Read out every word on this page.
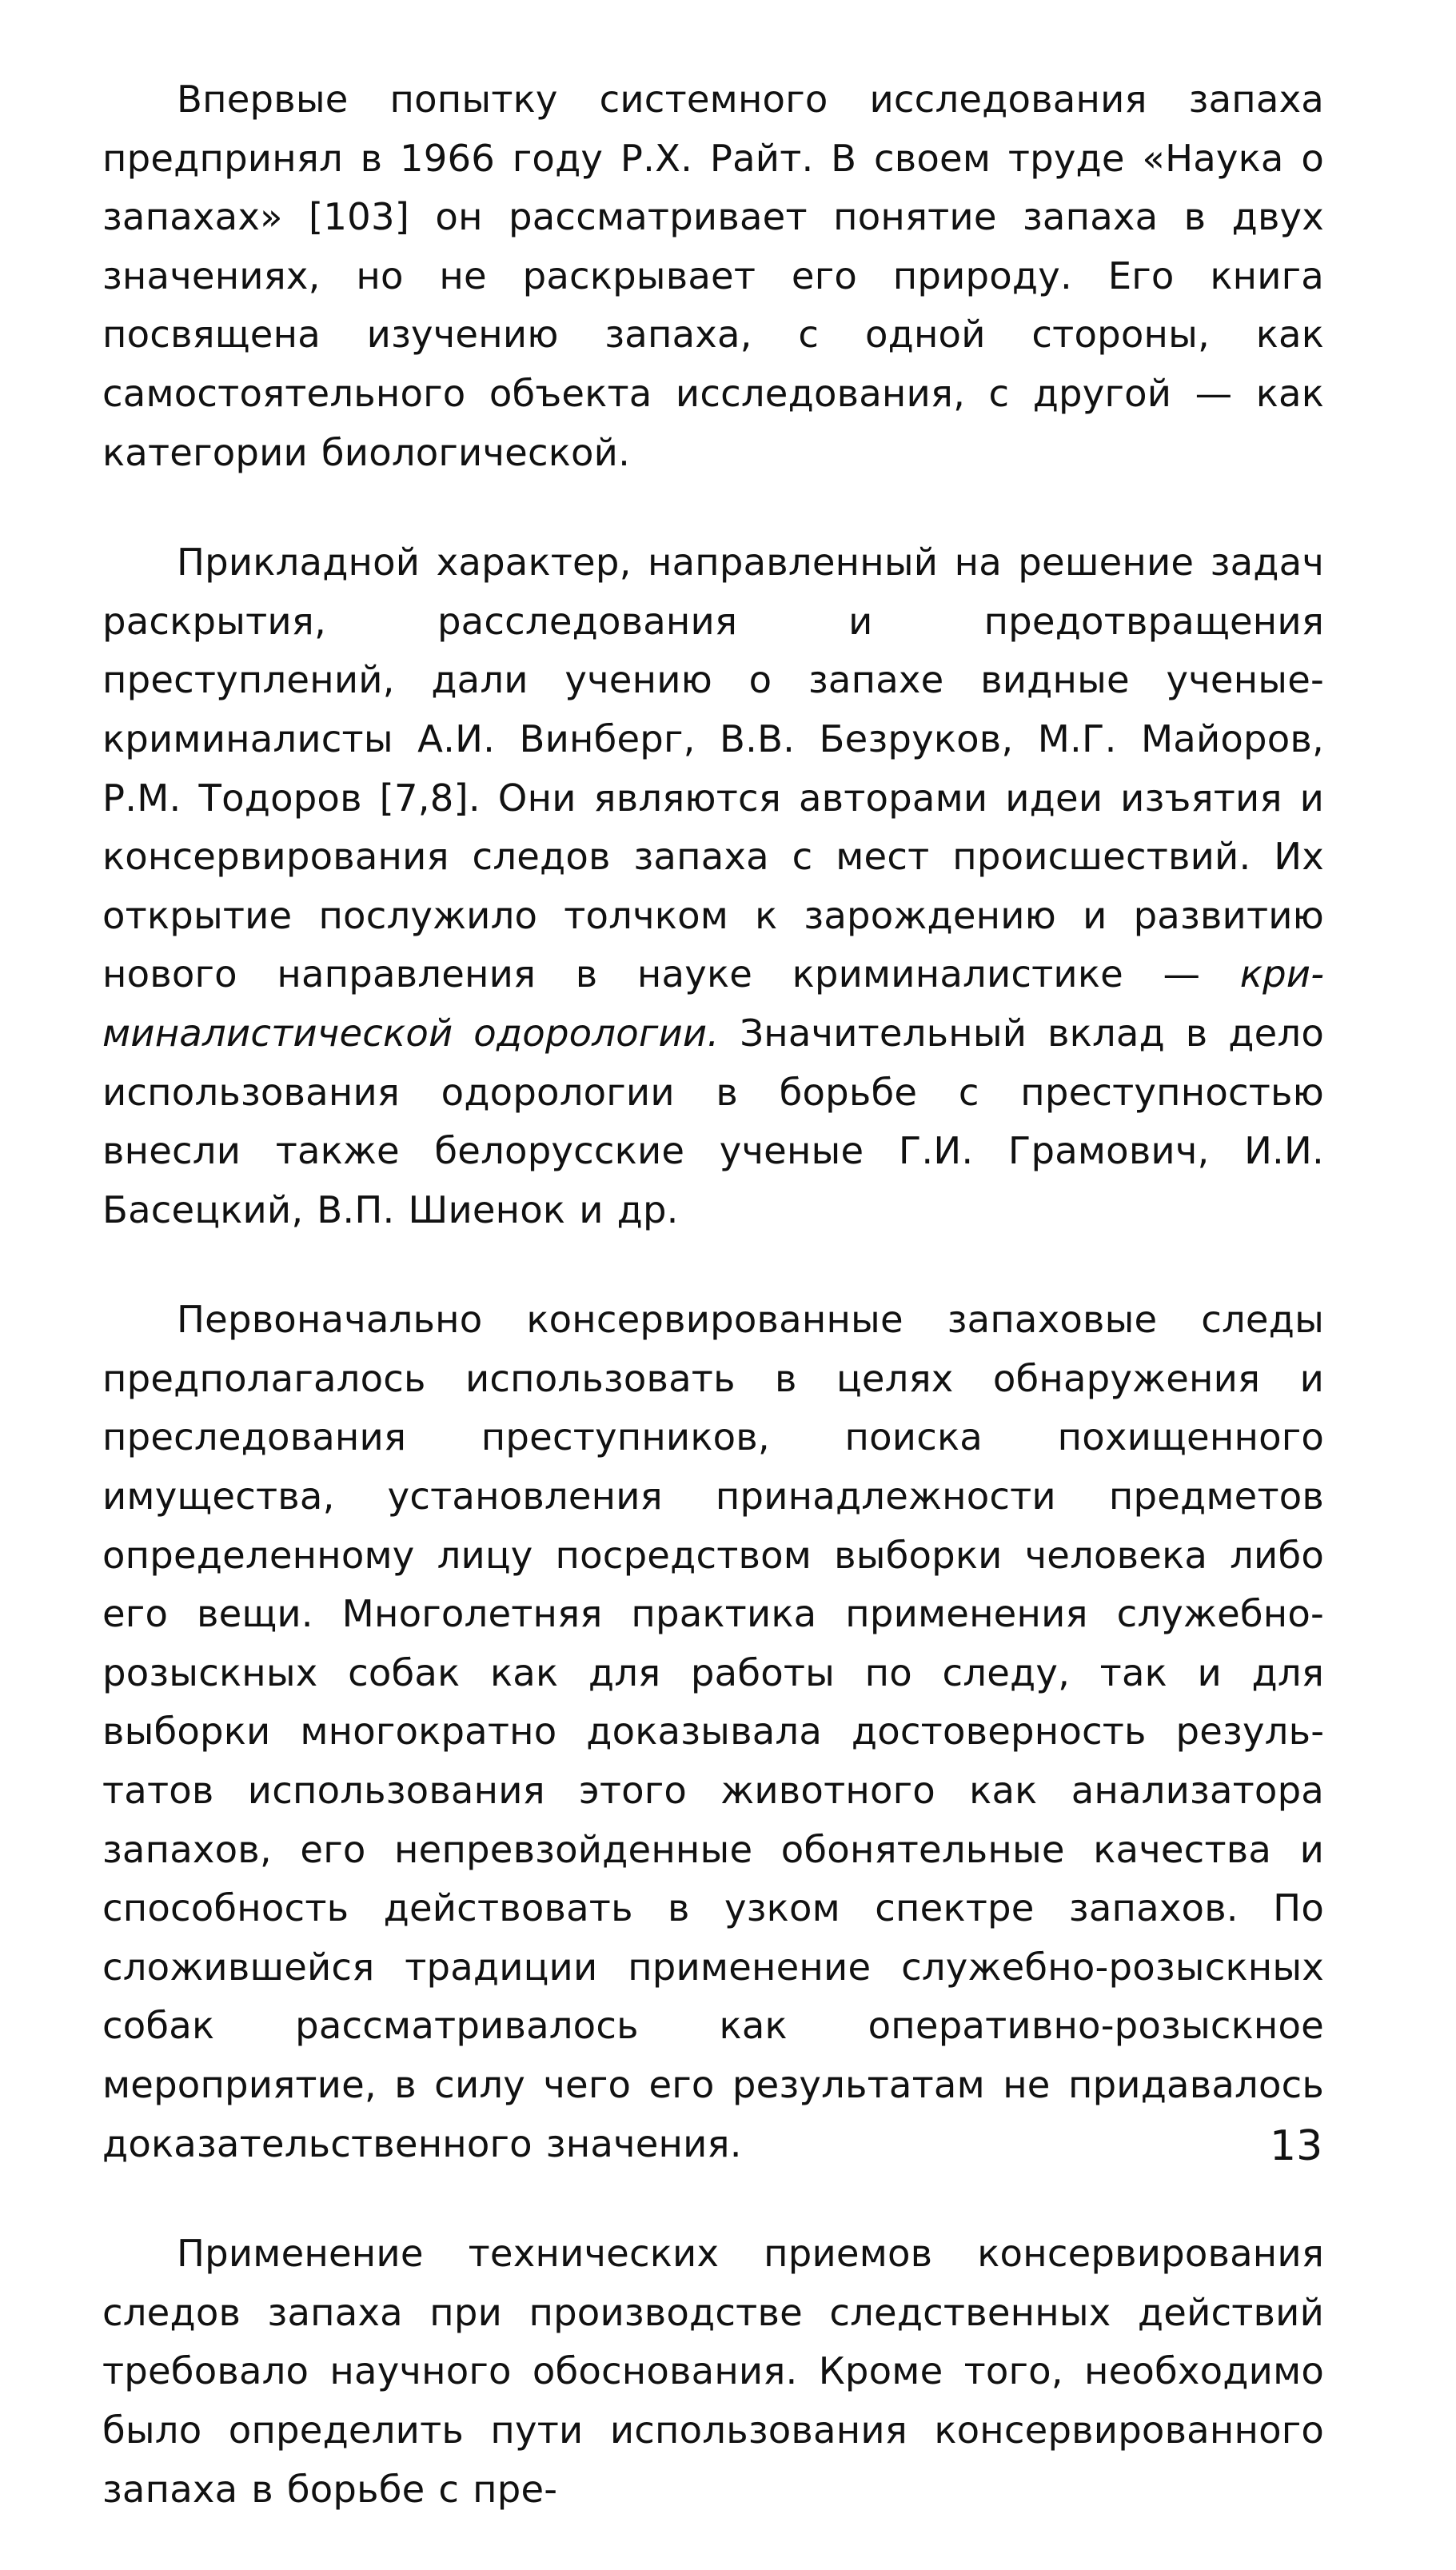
Впервые попытку системного исследования запаха предпринял в 1966 году Р.Х. Райт. В своем труде «Наука о запахах» [103] он рассматривает понятие запаха в двух значениях, но не раскрывает его природу. Его книга посвящена изучению запаха, с одной стороны, как самостоятельного объекта исследования, с другой — как категории биологической.

Прикладной характер, направленный на решение задач раскрытия, расследования и предотвращения преступлений, дали учению о запахе видные ученые-криминалисты А.И. Винберг, В.В. Безруков, М.Г. Майоров, Р.М. Тодоров [7,8]. Они являются авторами идеи изъятия и консервирования следов запаха с мест происшествий. Их открытие послужило толчком к зарождению и развитию нового направления в науке криминалистике — криминалистической одорологии. Значительный вклад в дело использования одорологии в борьбе с преступностью внесли также белорусские ученые Г.И. Грамович, И.И. Басецкий, В.П. Шиенок и др.

Первоначально консервированные запаховые следы предполагалось использовать в целях обнаружения и преследования преступников, поиска похищенного имущества, установления принадлежности предметов определенному лицу посредством выборки человека либо его вещи. Многолетняя практика применения служебно-розыскных собак как для работы по следу, так и для выборки многократно доказывала достоверность результатов использования этого животного как анализатора запахов, его непревзойденные обонятельные качества и способность действовать в узком спектре запахов. По сложившейся традиции применение служебно-розыскных собак рассматривалось как оперативно-розыскное мероприятие, в силу чего его результатам не придавалось доказательственного значения.

Применение технических приемов консервирования следов запаха при производстве следственных действий требовало научного обоснования. Кроме того, необходимо было определить пути использования консервированного запаха в борьбе с пре-

13
